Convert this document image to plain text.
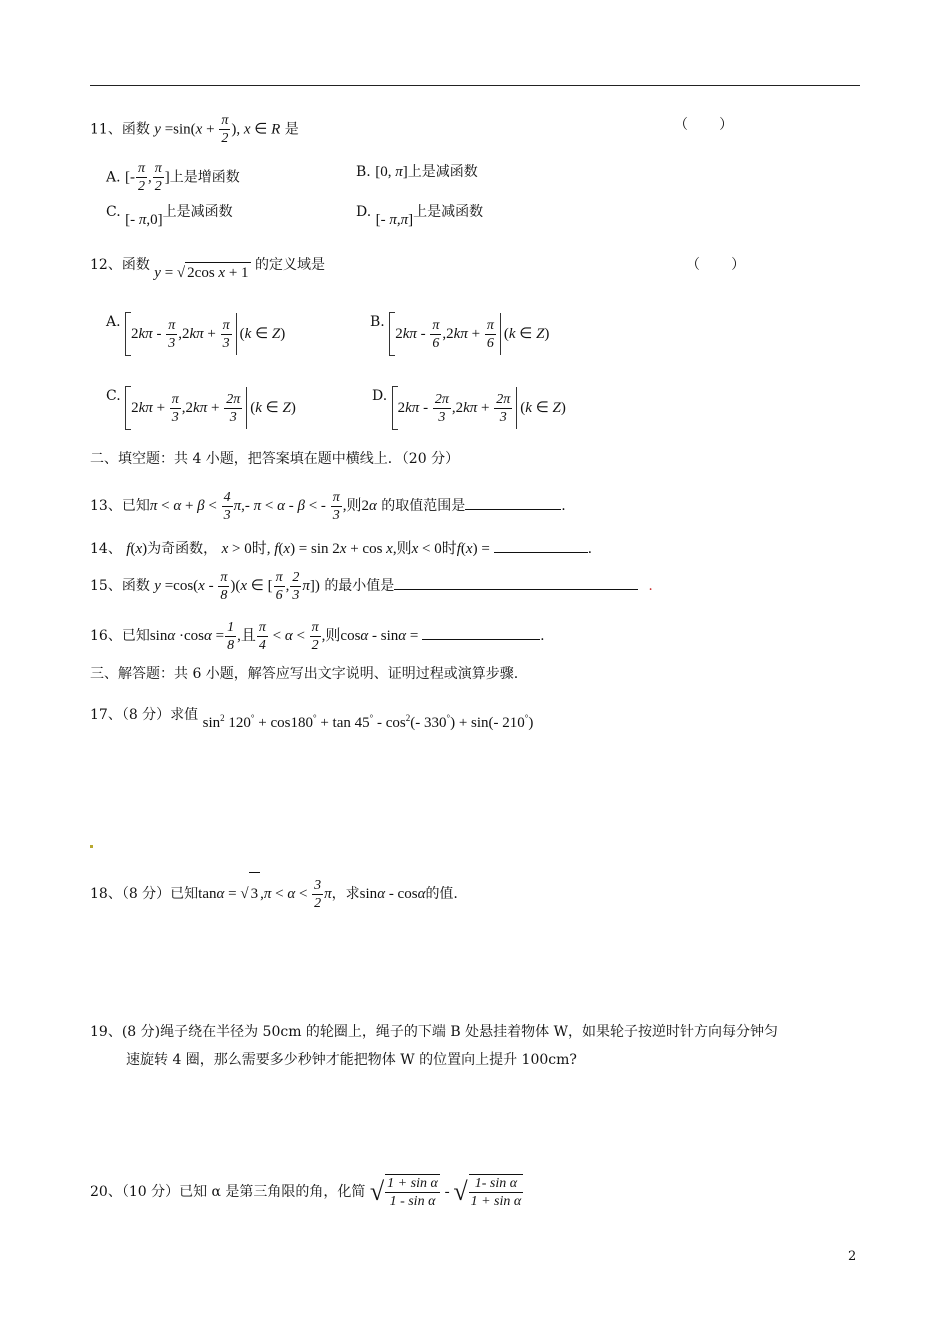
11、函数 $y =\sin(x + \frac{\pi}{2}$ ), x ∈ R 是	（       ）
A. [- $\frac{\pi}{2}$ , $\frac{\pi}{2}$ ]上是增函数	B. [0, π]上是减函数
C. [- π,0]上是减函数	D. [- π,π]上是减函数
12、函数 y = √ 2cos x + 1 的定义域是	（       ）
A. $2k\pi - \frac{\pi}{3} ,2k\pi + \frac{\pi}{3} (k$ ∈ Z)
B. $2k\pi - \frac{\pi}{6} ,2k\pi + \frac{\pi}{6} (k$ ∈ Z)
C. $2k\pi + \frac{\pi}{3} ,2k\pi + \frac{2\pi}{3} (k$ ∈ Z)
D. $2k\pi - \frac{2\pi}{3} ,2k\pi + \frac{2\pi}{3} (k$ ∈ Z)
二、填空题：共 4 小题，把答案填在题中横线上．（20 分）
13、已知$\pi < \alpha + \beta < \frac{4}{3} \pi,-$ π < α - β < - $\frac{\pi}{3}$ ,则2α 的取值范围是	.
14、 f(x)为奇函数， x > 0时, f(x) = sin 2x + cos x,则x < 0时f(x) =	.
15、函数 $y =\cos(x - \frac{\pi}{8} )(x$ ∈ [ $\frac{\pi}{6}$ , $\frac{2}{3} \pi$]) 的最小值是	.
16、已知$\sin\alpha \cdot\cos\alpha = \frac{1}{8}$ ,且 $\frac{\pi}{4} < \alpha < \frac{\pi}{2}$ ,则cosα - sinα =	.
三、解答题：共 6 小题，解答应写出文字说明、证明过程或演算步骤.
17、（8 分）求值 $\sin^2 120^\circ + \cos 180^\circ + \tan 45^\circ - \cos^2(-$ 330°) + sin(- 210°)
18、（8 分）已知tanα = √ 3 $,\pi < \alpha < \frac{3}{2}$ π，求sinα - cosα的值.
19、(8 分)绳子绕在半径为 50cm 的轮圈上，绳子的下端 B 处悬挂着物体 W，如果轮子按逆时针方向每分钟匀
速旋转 4 圈，那么需要多少秒钟才能把物体 W 的位置向上提升 100cm?
20、（10 分）已知 α 是第三角限的角，化简 √ $\frac{\text{1 + sin α}}{\text{1 - sin α}}$ - √ $\frac{\text{1- sin α}}{\text{1 + sin α}}$
2
